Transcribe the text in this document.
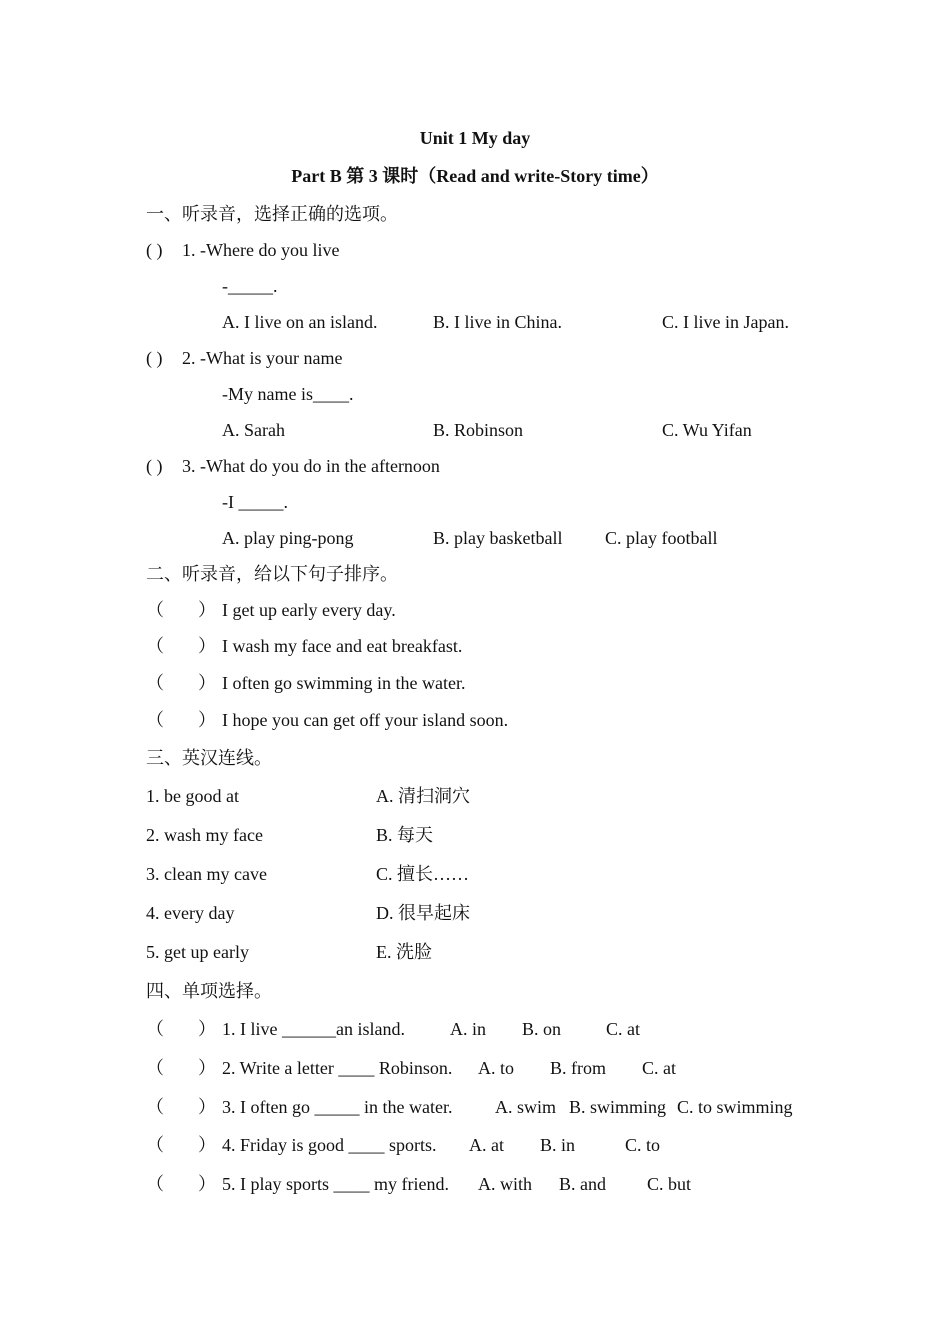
Unit 1 My day
Part B 第 3 课时（Read and write-Story time）
一、听录音，选择正确的选项。
( ) 1. -Where do you live
-_____.
A. I live on an island.	B. I live in China.	C. I live in Japan.
( ) 2. -What is your name
-My name is____.
A. Sarah	B. Robinson	C. Wu Yifan
( ) 3. -What do you do in the afternoon
-I _____.
A. play ping-pong	B. play basketball C. play football
二、听录音，给以下句子排序。
（ ） I get up early every day.
（ ） I wash my face and eat breakfast.
（ ） I often go swimming in the water.
（ ） I hope you can get off your island soon.
三、英汉连线。
1. be good at	A. 清扫洞穴
2. wash my face	B. 每天
3. clean my cave	C. 擅长……
4. every day	D. 很早起床
5. get up early	E. 洗脸
四、单项选择。
（ ） 1. I live ______an island.	A. in B. on C. at
（ ） 2. Write a letter ____ Robinson. A. to B. from C. at
（ ） 3. I often go _____ in the water. A. swim B. swimming C. to swimming
（ ） 4. Friday is good ____ sports. A. at B. in	C. to
（ ） 5. I play sports ____ my friend. A. with B. and C. but
